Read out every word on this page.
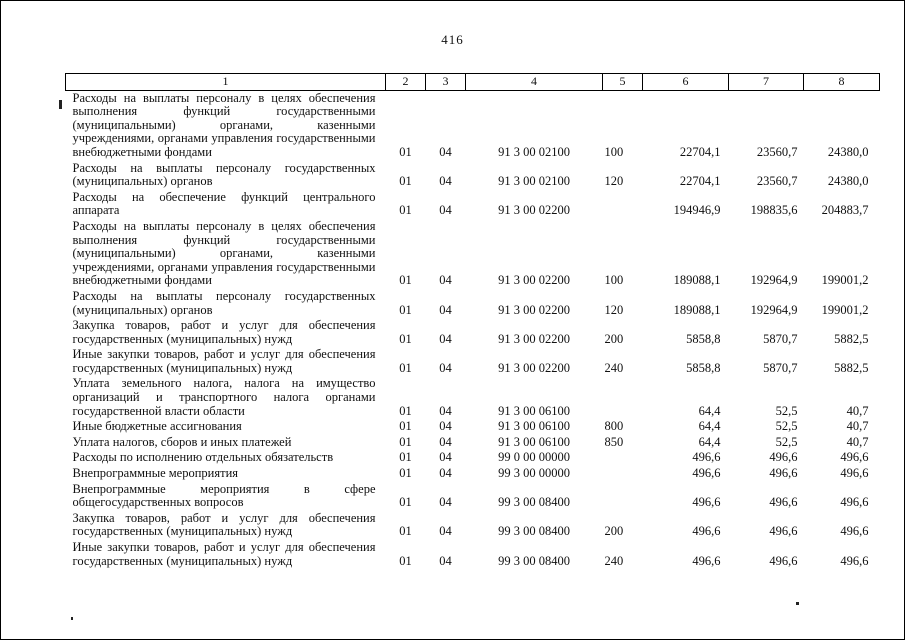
416
1	2	3	4	5	6	7	8
Расходы на выплаты персоналу в целях обеспечения выполнения функций государственными (муниципальными) органами, казенными учреждениями, органами управления государственными внебюджетными фондами	01	04	91 3 00 02100	100	22704,1	23560,7	24380,0
Расходы на выплаты персоналу государственных (муниципальных) органов	01	04	91 3 00 02100	120	22704,1	23560,7	24380,0
Расходы на обеспечение функций центрального аппарата	01	04	91 3 00 02200		194946,9	198835,6	204883,7
Расходы на выплаты персоналу в целях обеспечения выполнения функций государственными (муниципальными) органами, казенными учреждениями, органами управления государственными внебюджетными фондами	01	04	91 3 00 02200	100	189088,1	192964,9	199001,2
Расходы на выплаты персоналу государственных (муниципальных) органов	01	04	91 3 00 02200	120	189088,1	192964,9	199001,2
Закупка товаров, работ и услуг для обеспечения государственных (муниципальных) нужд	01	04	91 3 00 02200	200	5858,8	5870,7	5882,5
Иные закупки товаров, работ и услуг для обеспечения государственных (муниципальных) нужд	01	04	91 3 00 02200	240	5858,8	5870,7	5882,5
Уплата земельного налога, налога на имущество организаций и транспортного налога органами государственной власти области	01	04	91 3 00 06100		64,4	52,5	40,7
Иные бюджетные ассигнования	01	04	91 3 00 06100	800	64,4	52,5	40,7
Уплата налогов, сборов и иных платежей	01	04	91 3 00 06100	850	64,4	52,5	40,7
Расходы по исполнению отдельных обязательств	01	04	99 0 00 00000		496,6	496,6	496,6
Внепрограммные мероприятия	01	04	99 3 00 00000		496,6	496,6	496,6
Внепрограммные мероприятия в сфере общегосударственных вопросов	01	04	99 3 00 08400		496,6	496,6	496,6
Закупка товаров, работ и услуг для обеспечения государственных (муниципальных) нужд	01	04	99 3 00 08400	200	496,6	496,6	496,6
Иные закупки товаров, работ и услуг для обеспечения государственных (муниципальных) нужд	01	04	99 3 00 08400	240	496,6	496,6	496,6
